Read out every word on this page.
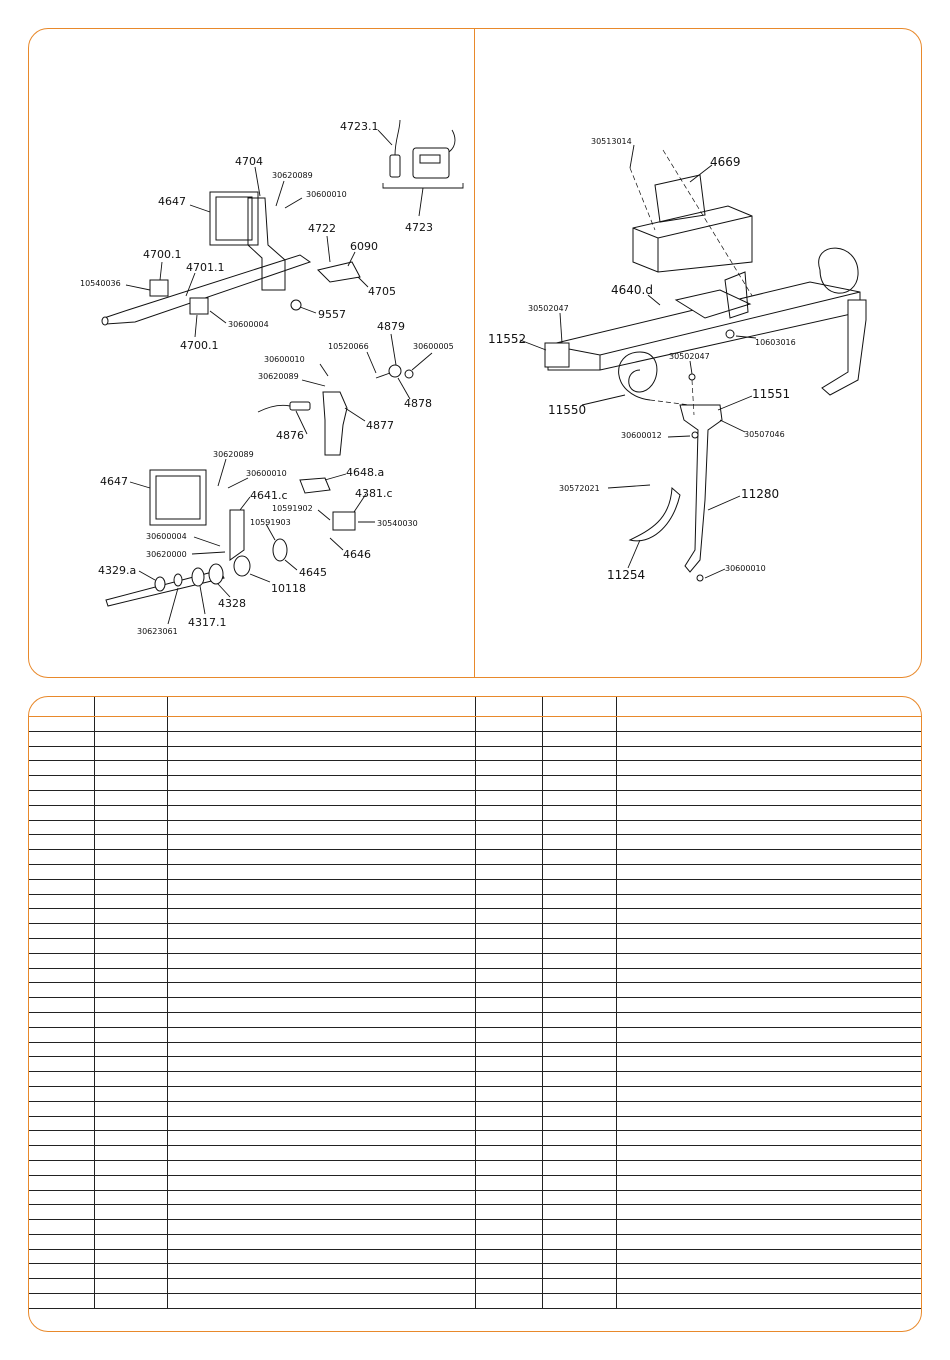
4723.1
4723
4704
30620089
30600010
4647
4722
6090
4705
4700.1
4701.1
10540036
30600004
9557
4700.1
4879
10520066	30600005
30600010
30620089
4878
4876
4877
30620089
30600010	4648.a
4647
4641.c	4381.c
10591902
10591903	30540030
30600004
4646
30620000
4645
4329.a
10118
4328
4317.1
30623061
30513014
4669
4640.d
30502047
11552	10603016
30502047
11551
11550
30507046
30600012
30572021	11280
11254	30600010
